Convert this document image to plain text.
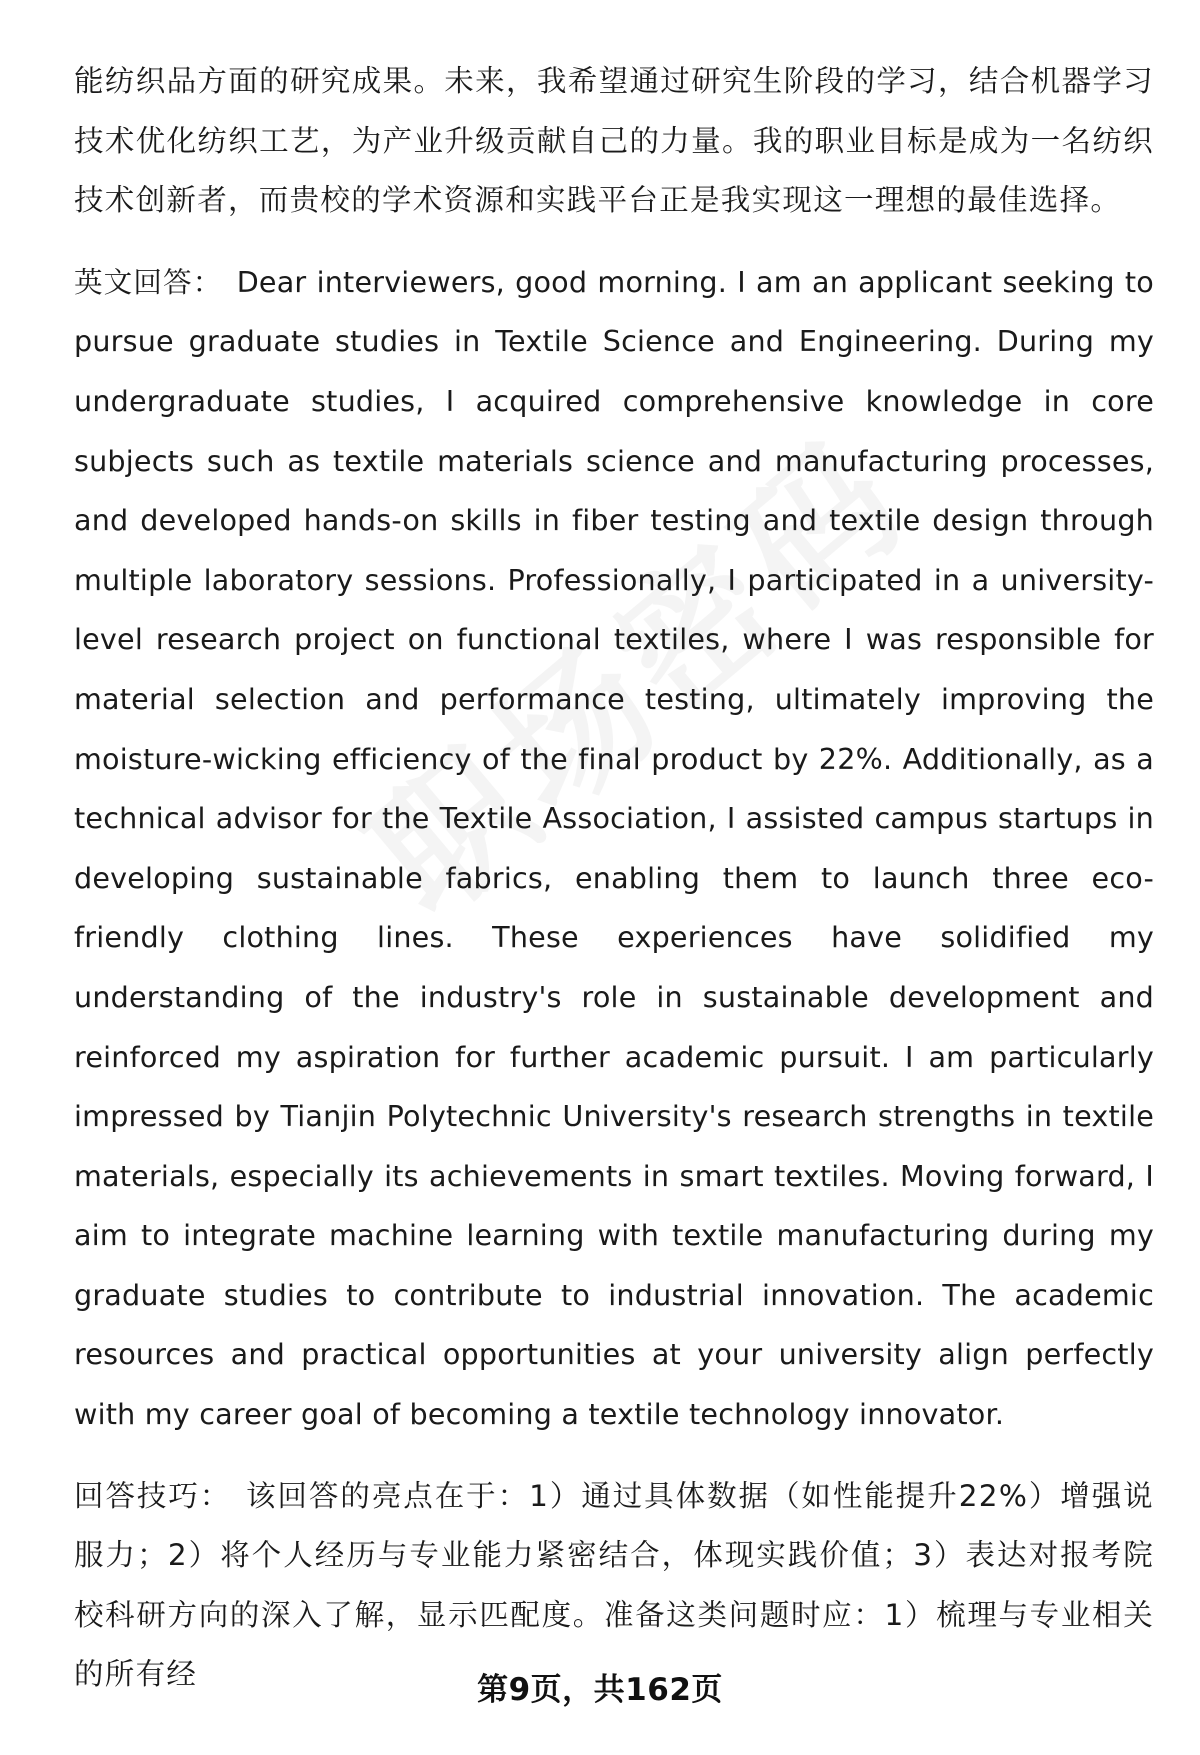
能纺织品方面的研究成果。未来，我希望通过研究生阶段的学习，结合机器学习技术优化纺织工艺，为产业升级贡献自己的力量。我的职业目标是成为一名纺织技术创新者，而贵校的学术资源和实践平台正是我实现这一理想的最佳选择。

英文回答： Dear interviewers, good morning. I am an applicant seeking to pursue graduate studies in Textile Science and Engineering. During my undergraduate studies, I acquired comprehensive knowledge in core subjects such as textile materials science and manufacturing processes, and developed hands-on skills in fiber testing and textile design through multiple laboratory sessions. Professionally, I participated in a university-level research project on functional textiles, where I was responsible for material selection and performance testing, ultimately improving the moisture-wicking efficiency of the final product by 22%. Additionally, as a technical advisor for the Textile Association, I assisted campus startups in developing sustainable fabrics, enabling them to launch three eco-friendly clothing lines. These experiences have solidified my understanding of the industry's role in sustainable development and reinforced my aspiration for further academic pursuit. I am particularly impressed by Tianjin Polytechnic University's research strengths in textile materials, especially its achievements in smart textiles. Moving forward, I aim to integrate machine learning with textile manufacturing during my graduate studies to contribute to industrial innovation. The academic resources and practical opportunities at your university align perfectly with my career goal of becoming a textile technology innovator.

回答技巧： 该回答的亮点在于：1）通过具体数据（如性能提升22%）增强说服力；2）将个人经历与专业能力紧密结合，体现实践价值；3）表达对报考院校科研方向的深入了解，显示匹配度。准备这类问题时应：1）梳理与专业相关的所有经	第9页，共162页
